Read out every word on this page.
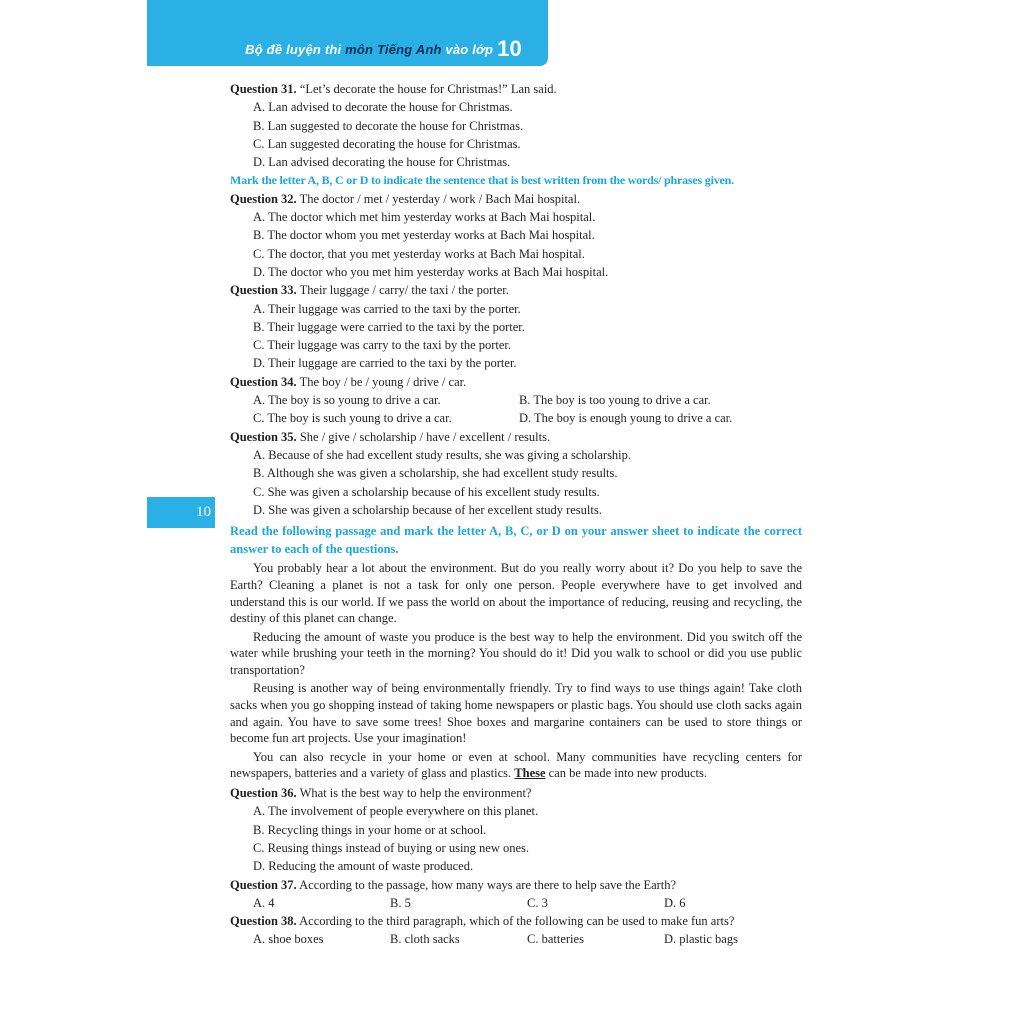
Bộ đề luyện thi môn Tiếng Anh vào lớp 10
10
Question 31. “Let’s decorate the house for Christmas!” Lan said.
A. Lan advised to decorate the house for Christmas.
B. Lan suggested to decorate the house for Christmas.
C. Lan suggested decorating the house for Christmas.
D. Lan advised decorating the house for Christmas.
Mark the letter A, B, C or D to indicate the sentence that is best written from the words/ phrases given.
Question 32. The doctor / met / yesterday / work / Bach Mai hospital.
A. The doctor which met him yesterday works at Bach Mai hospital.
B. The doctor whom you met yesterday works at Bach Mai hospital.
C. The doctor, that you met yesterday works at Bach Mai hospital.
D. The doctor who you met him yesterday works at Bach Mai hospital.
Question 33. Their luggage / carry/ the taxi / the porter.
A. Their luggage was carried to the taxi by the porter.
B. Their luggage were carried to the taxi by the porter.
C. Their luggage was carry to the taxi by the porter.
D. Their luggage are carried to the taxi by the porter.
Question 34. The boy / be / young / drive / car.
A. The boy is so young to drive a car.	B. The boy is too young to drive a car.
C. The boy is such young to drive a car.	D. The boy is enough young to drive a car.
Question 35. She / give / scholarship / have / excellent / results.
A. Because of she had excellent study results, she was giving a scholarship.
B. Although she was given a scholarship, she had excellent study results.
C. She was given a scholarship because of his excellent study results.
D. She was given a scholarship because of her excellent study results.
Read the following passage and mark the letter A, B, C, or D on your answer sheet to indicate the correct answer to each of the questions.
You probably hear a lot about the environment. But do you really worry about it? Do you help to save the Earth? Cleaning a planet is not a task for only one person. People everywhere have to get involved and understand this is our world. If we pass the world on about the importance of reducing, reusing and recycling, the destiny of this planet can change.
Reducing the amount of waste you produce is the best way to help the environment. Did you switch off the water while brushing your teeth in the morning? You should do it! Did you walk to school or did you use public transportation?
Reusing is another way of being environmentally friendly. Try to find ways to use things again! Take cloth sacks when you go shopping instead of taking home newspapers or plastic bags. You should use cloth sacks again and again. You have to save some trees! Shoe boxes and margarine containers can be used to store things or become fun art projects. Use your imagination!
You can also recycle in your home or even at school. Many communities have recycling centers for newspapers, batteries and a variety of glass and plastics. These can be made into new products.
Question 36. What is the best way to help the environment?
A. The involvement of people everywhere on this planet.
B. Recycling things in your home or at school.
C. Reusing things instead of buying or using new ones.
D. Reducing the amount of waste produced.
Question 37. According to the passage, how many ways are there to help save the Earth?
A. 4	B. 5	C. 3	D. 6
Question 38. According to the third paragraph, which of the following can be used to make fun arts?
A. shoe boxes	B. cloth sacks	C. batteries	D. plastic bags
